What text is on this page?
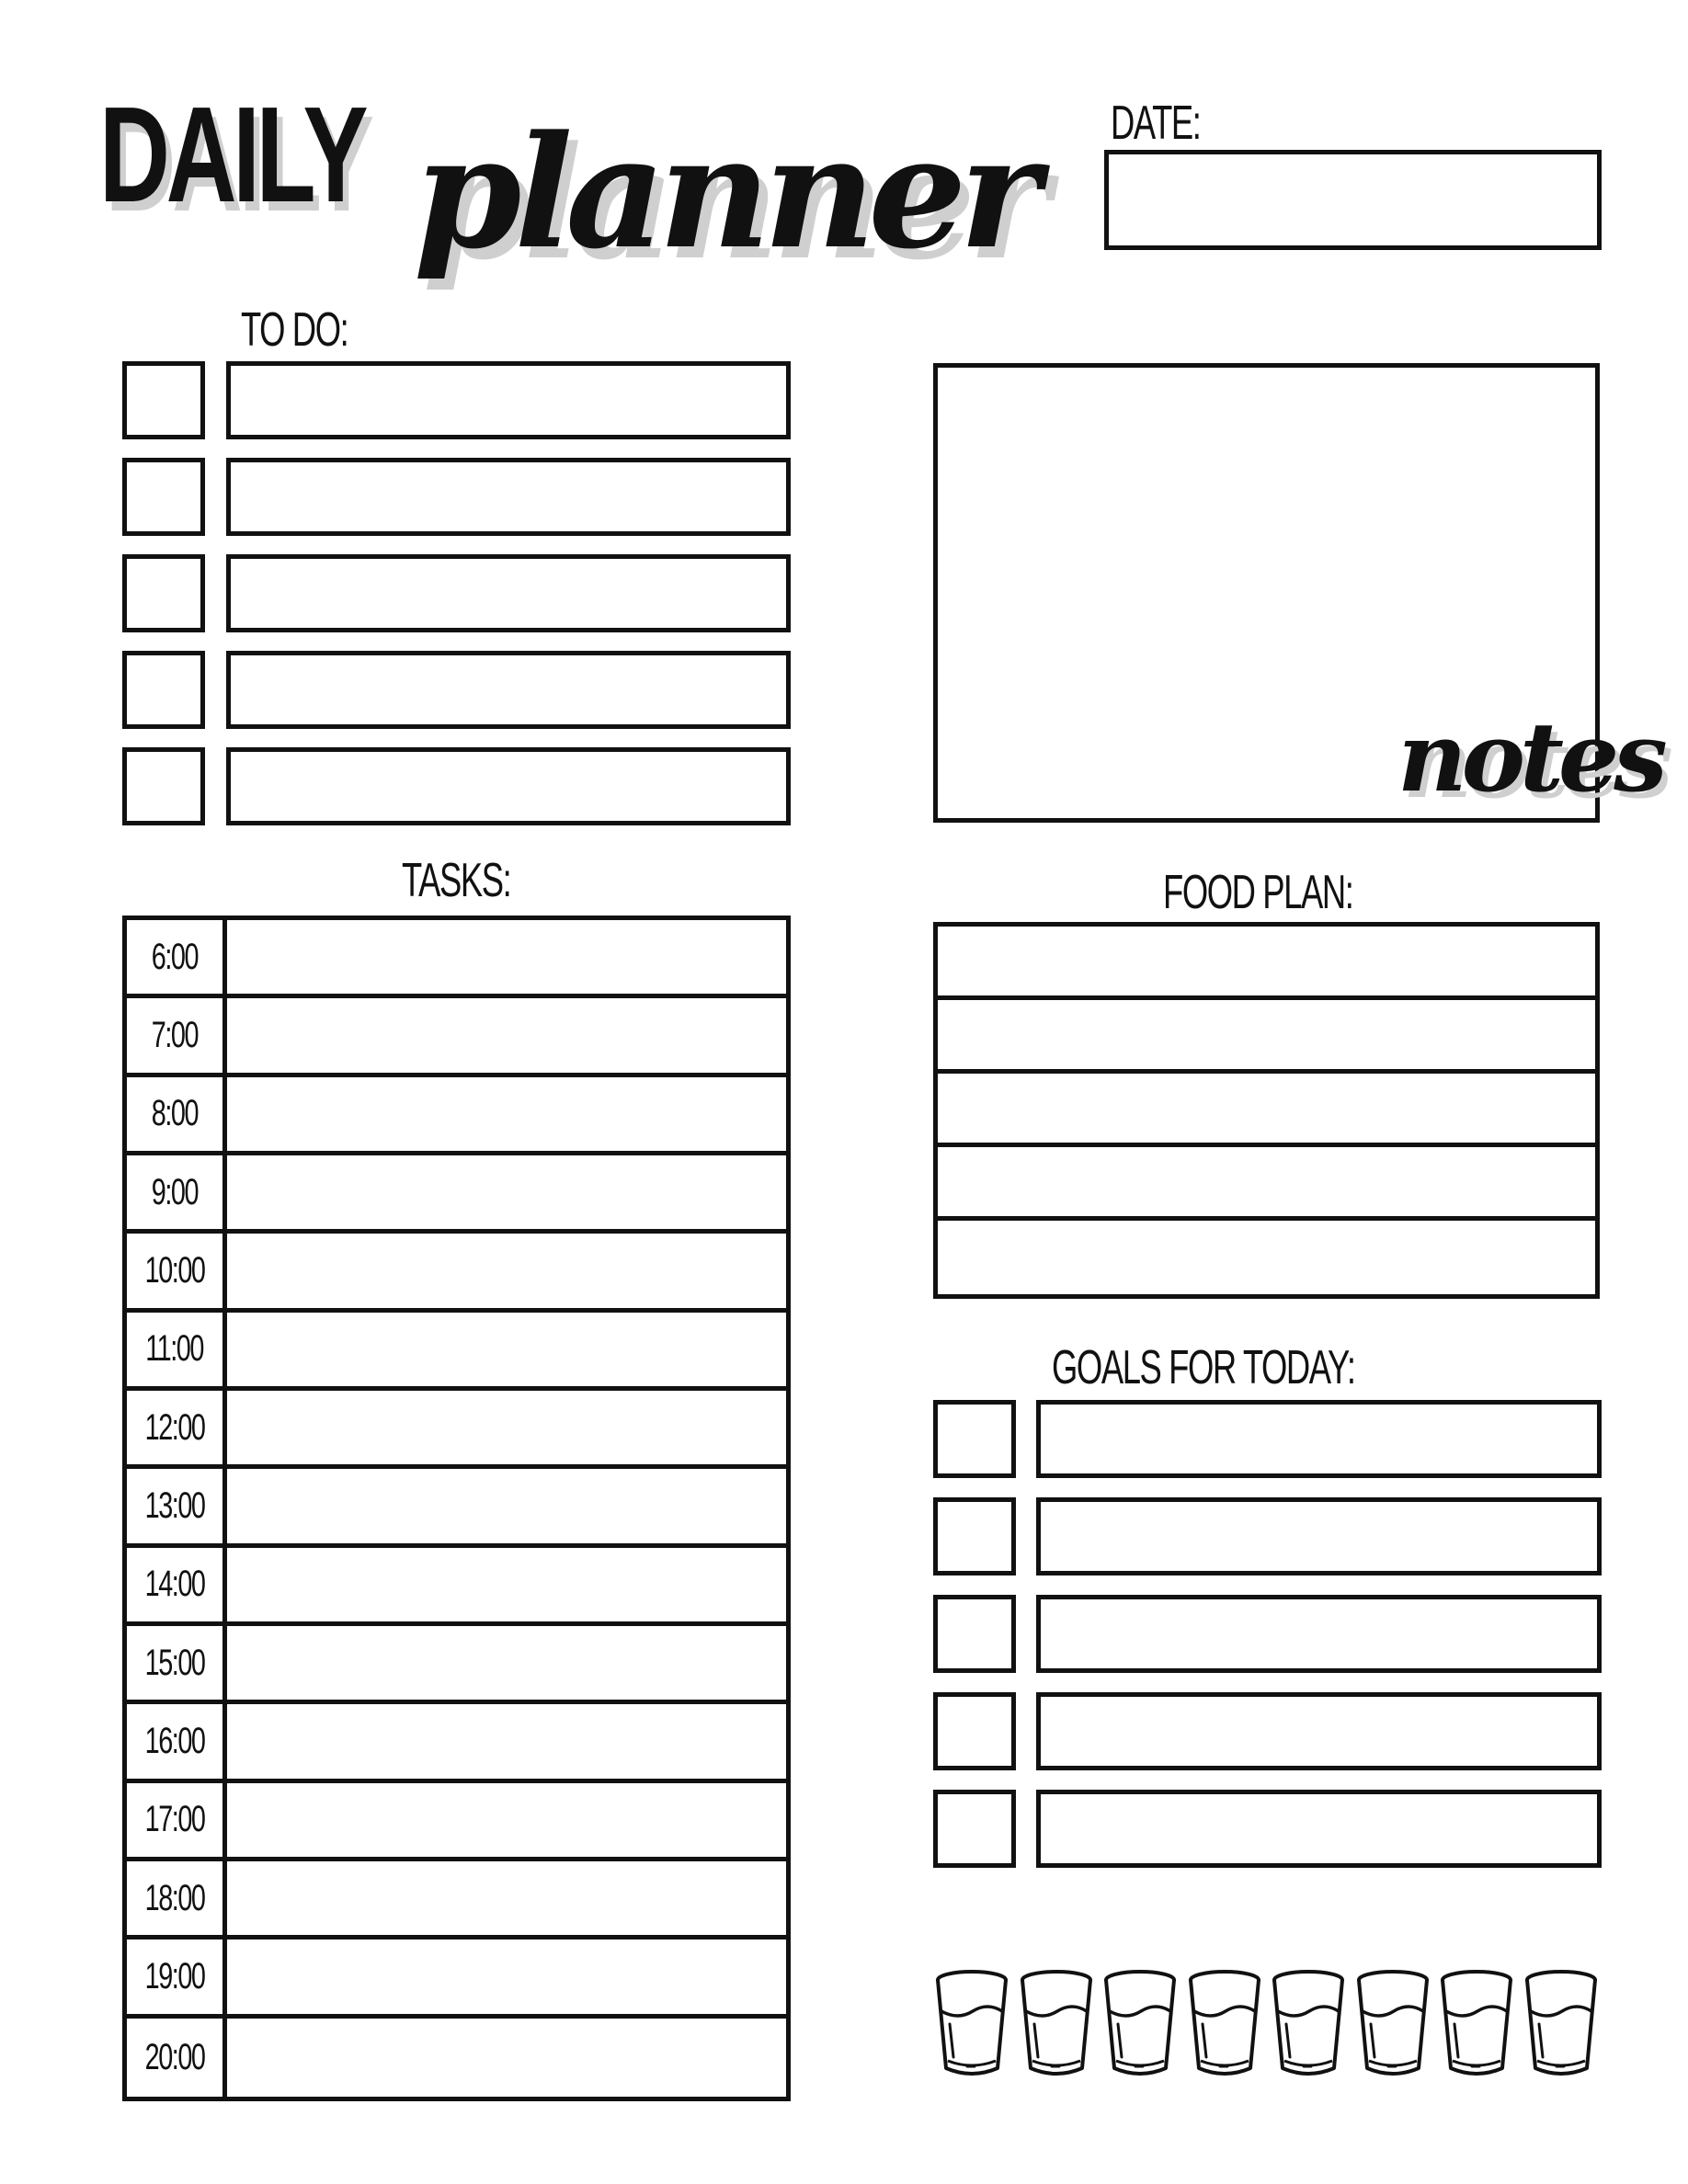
DAILY planner DATE:
TO DO:
notes
TASKS:
6:00
7:00
8:00
9:00
10:00
11:00
12:00
13:00
14:00
15:00
16:00
17:00
18:00
19:00
20:00
FOOD PLAN:
GOALS FOR TODAY:
